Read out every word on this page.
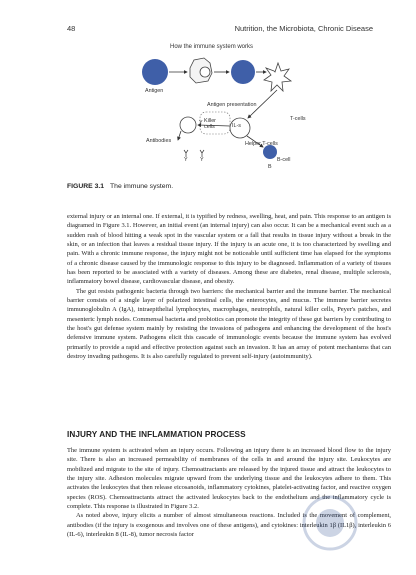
48	Nutrition, the Microbiota, Chronic Disease
How the immune system works
Antigen
Antigen presentation
T-cells
Killer
cells	IL-s
Antibodies	Helper T-cells
B-cell
B
Y
Y Y
FIGURE 3.1 The immune system.

external injury or an internal one. If external, it is typified by redness, swelling, heat, and pain. This response to an antigen is diagramed in Figure 3.1. However, an initial event (an internal injury) can also occur. It can be a mechanical event such as a sudden rush of blood hitting a weak spot in the vascular system or a fall that results in tissue injury without a break in the skin, or an infection that leaves a residual tissue injury. If the injury is an acute one, it is too characterized by swelling and pain. With a chronic immune response, the injury might not be noticeable until sufficient time has elapsed for the symptoms of a chronic disease caused by the immunologic response to this injury to be diagnosed. Inflammation of a variety of tissues has been reported to be associated with a variety of diseases. Among these are diabetes, renal disease, multiple sclerosis, inflammatory bowel disease, cardiovascular disease, and obesity.

The gut resists pathogenic bacteria through two barriers: the mechanical barrier and the immune barrier. The mechanical barrier consists of a single layer of polarized intestinal cells, the enterocytes, and mucus. The immune barrier secretes immunoglobulin A (IgA), intraepithelial lymphocytes, macrophages, neutrophils, natural killer cells, Peyer's patches, and mesenteric lymph nodes. Commensal bacteria and probiotics can promote the integrity of these gut barriers by contributing to the host's gut defense system mainly by resisting the invasions of pathogens and enhancing the development of the host's defensive immune system. Pathogens elicit this cascade of immunologic events because the immune system has evolved primarily to provide a rapid and effective protection against such an invasion. It has an array of potent mechanisms that can destroy invading pathogens. It is also carefully regulated to prevent self-injury (autoimmunity).

INJURY AND THE INFLAMMATION PROCESS

The immune system is activated when an injury occurs. Following an injury there is an increased blood flow to the injury site. There is also an increased permeability of membranes of the cells in and around the injury site. Leukocytes are mobilized and migrate to the site of injury. Chemoattractants are released by the injured tissue and attract the leukocytes to the injury site. Adhesion molecules migrate upward from the underlying tissue and the leukocytes adhere to them. This activates the leukocytes that then release eicosanoids, inflammatory cytokines, platelet-activating factor, and reactive oxygen species (ROS). Chemoattractants attract the activated leukocytes back to the endothelium and the inflammatory cycle is complete. This response is illustrated in Figure 3.2.

As noted above, injury elicits a number of almost simultaneous reactions. Included is the movement of complement, antibodies (if the injury is exogenous and involves one of these antigens), and cytokines: interleukin 1β (IL1β), interleukin 6 (IL-6), interleukin 8 (IL-8), tumor necrosis factor
